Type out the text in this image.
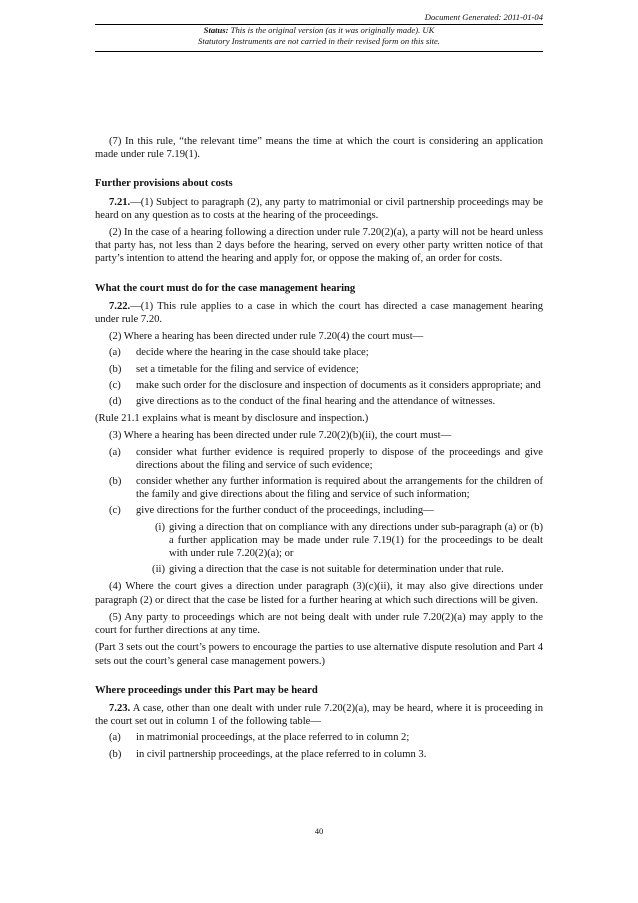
Document Generated: 2011-01-04
Status: This is the original version (as it was originally made). UK
Statutory Instruments are not carried in their revised form on this site.

(7) In this rule, “the relevant time” means the time at which the court is considering an application made under rule 7.19(1).

Further provisions about costs

7.21.—(1) Subject to paragraph (2), any party to matrimonial or civil partnership proceedings may be heard on any question as to costs at the hearing of the proceedings.

(2) In the case of a hearing following a direction under rule 7.20(2)(a), a party will not be heard unless that party has, not less than 2 days before the hearing, served on every other party written notice of that party’s intention to attend the hearing and apply for, or oppose the making of, an order for costs.

What the court must do for the case management hearing

7.22.—(1) This rule applies to a case in which the court has directed a case management hearing under rule 7.20.

(2) Where a hearing has been directed under rule 7.20(4) the court must—

(a)	decide where the hearing in the case should take place;
(b)	set a timetable for the filing and service of evidence;
(c)	make such order for the disclosure and inspection of documents as it considers appropriate; and
(d)	give directions as to the conduct of the final hearing and the attendance of witnesses.

(Rule 21.1 explains what is meant by disclosure and inspection.)

(3) Where a hearing has been directed under rule 7.20(2)(b)(ii), the court must—

(a)	consider what further evidence is required properly to dispose of the proceedings and give directions about the filing and service of such evidence;
(b)	consider whether any further information is required about the arrangements for the children of the family and give directions about the filing and service of such information;
(c)	give directions for the further conduct of the proceedings, including—
(i) giving a direction that on compliance with any directions under sub-paragraph (a) or (b) a further application may be made under rule 7.19(1) for the proceedings to be dealt with under rule 7.20(2)(a); or
(ii) giving a direction that the case is not suitable for determination under that rule.

(4) Where the court gives a direction under paragraph (3)(c)(ii), it may also give directions under paragraph (2) or direct that the case be listed for a further hearing at which such directions will be given.

(5) Any party to proceedings which are not being dealt with under rule 7.20(2)(a) may apply to the court for further directions at any time.

(Part 3 sets out the court’s powers to encourage the parties to use alternative dispute resolution and Part 4 sets out the court’s general case management powers.)

Where proceedings under this Part may be heard

7.23. A case, other than one dealt with under rule 7.20(2)(a), may be heard, where it is proceeding in the court set out in column 1 of the following table—

(a)	in matrimonial proceedings, at the place referred to in column 2;
(b)	in civil partnership proceedings, at the place referred to in column 3.
40
